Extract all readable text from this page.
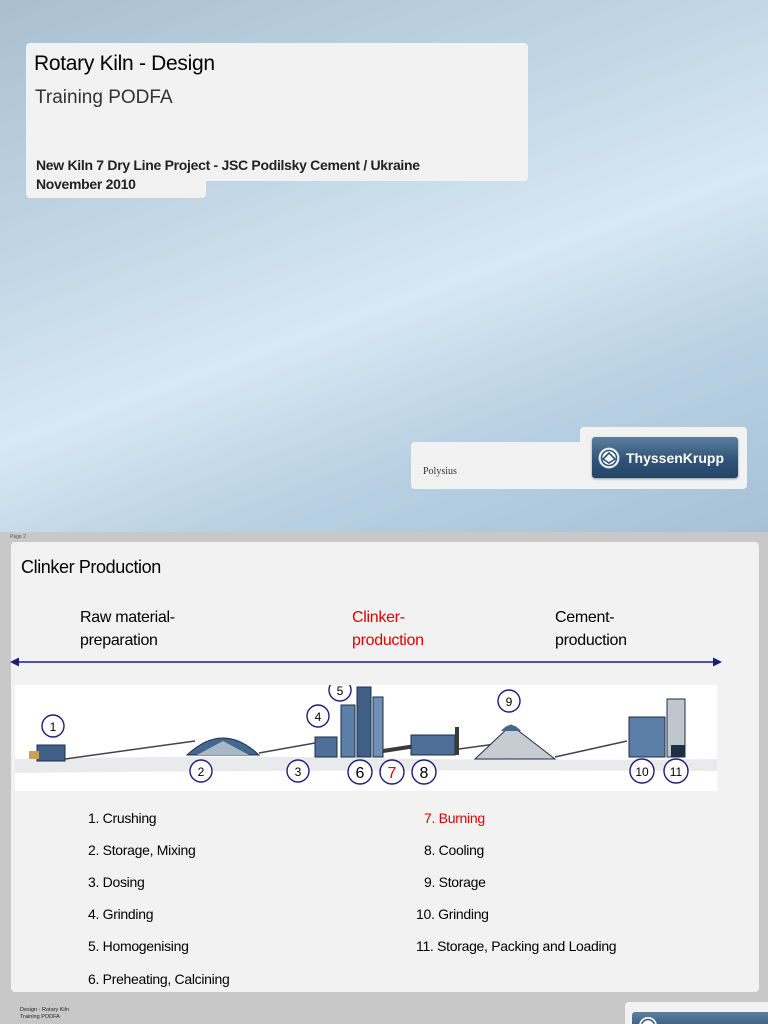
Rotary Kiln - Design
Training PODFA
New Kiln 7 Dry Line Project - JSC Podilsky Cement / Ukraine
November 2010
Polysius
ThyssenKrupp
Page 2
Clinker Production
Raw material-
preparation
Clinker-
production
Cement-
production
1
2	3
4
5
6 7 8
9
10 11
1. Crushing
2. Storage, Mixing
3. Dosing
4. Grinding
5. Homogenising
6. Preheating, Calcining
7. Burning
8. Cooling
9. Storage
10. Grinding
11. Storage, Packing and Loading
Design - Rotary Kiln
Training PODFA
